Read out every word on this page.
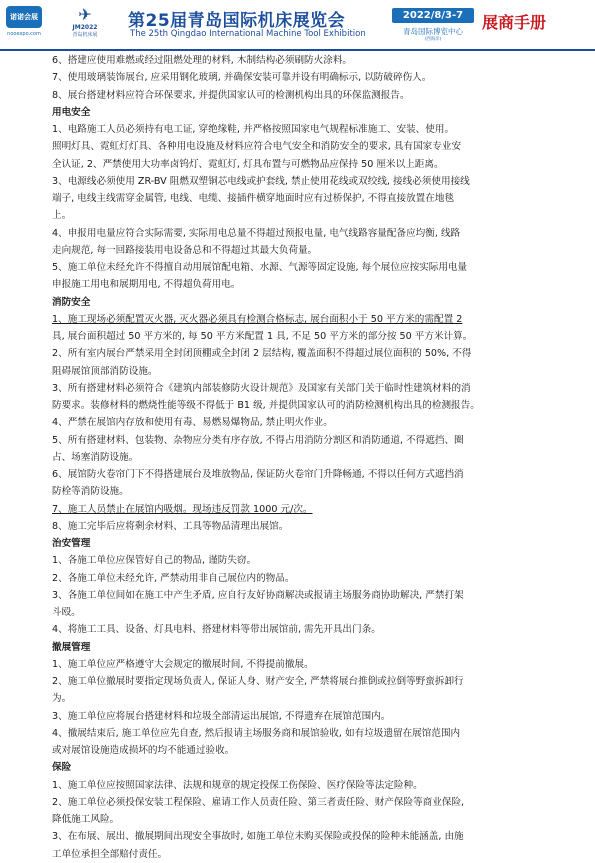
诺诺会展
nooexpo.com
✈
JM2022
青岛机床展
第25届青岛国际机床展览会
The 25th Qingdao International Machine Tool Exhibition
2022/8/3-7
青岛国际博览中心
(西海岸)
展商手册

6、搭建应使用难燃或经过阻燃处理的材料, 木制结构必须刷防火涂料。

7、使用玻璃装饰展台, 应采用钢化玻璃, 并确保安装可靠并设有明确标示, 以防破碎伤人。

8、展台搭建材料应符合环保要求, 并提供国家认可的检测机构出具的环保监测报告。

用电安全

1、电路施工人员必须持有电工证, 穿绝缘鞋, 并严格按照国家电气规程标准施工、安装、使用。

照明灯具、霓虹灯灯具、各种用电设施及材料应符合电气安全和消防安全的要求, 具有国家专业安

全认证, 2、严禁使用大功率卤钨灯、霓虹灯, 灯具布置与可燃物品应保持 50 厘米以上距离。

3、电源线必须使用 ZR-BV 阻燃双塑铜芯电线或护套线, 禁止使用花线或双绞线, 接线必须使用接线

端子, 电线主线需穿金属管, 电线、电缆、接插件横穿地面时应有过桥保护, 不得直接放置在地毯

上。

4、申报用电量应符合实际需要, 实际用电总量不得超过预报电量, 电气线路容量配备应均衡, 线路

走向规范, 每一回路接装用电设备总和不得超过其最大负荷量。

5、施工单位未经允许不得擅自动用展馆配电箱、水源、气源等固定设施, 每个展位应按实际用电量

申报施工用电和展期用电, 不得超负荷用电。

消防安全

1、施工现场必须配置灭火器, 灭火器必须具有检测合格标志, 展台面积小于 50 平方米的需配置 2

具, 展台面积超过 50 平方米的, 每 50 平方米配置 1 具, 不足 50 平方米的部分按 50 平方米计算。

2、所有室内展台严禁采用全封闭顶棚或全封闭 2 层结构, 覆盖面积不得超过展位面积的 50%, 不得

阻碍展馆顶部消防设施。

3、所有搭建材料必须符合《建筑内部装修防火设计规范》及国家有关部门关于临时性建筑材料的消

防要求。装修材料的燃烧性能等级不得低于 B1 级, 并提供国家认可的消防检测机构出具的检测报告。

4、严禁在展馆内存放和使用有毒、易燃易爆物品, 禁止明火作业。

5、所有搭建材料、包装物、杂物应分类有序存放, 不得占用消防分割区和消防通道, 不得遮挡、圈

占、场塞消防设施。

6、展馆防火卷帘门下不得搭建展台及堆放物品, 保证防火卷帘门升降畅通, 不得以任何方式遮挡消

防栓等消防设施。

7、施工人员禁止在展馆内吸烟。现场违反罚款 1000 元/次。

8、施工完毕后应将剩余材料、工具等物品清理出展馆。

治安管理

1、各施工单位应保管好自己的物品, 谨防失窃。

2、各施工单位未经允许, 严禁动用非自己展位内的物品。

3、各施工单位间如在施工中产生矛盾, 应自行友好协商解决或报请主场服务商协助解决, 严禁打架

斗殴。

4、将施工工具、设备、灯具电料、搭建材料等带出展馆前, 需先开具出门条。

撤展管理

1、施工单位应严格遵守大会规定的撤展时间, 不得提前撤展。

2、施工单位撤展时要指定现场负责人, 保证人身、财产安全, 严禁将展台推倒或拉倒等野蛮拆卸行

为。

3、施工单位应将展台搭建材料和垃圾全部清运出展馆, 不得遗弃在展馆范围内。

4、撤展结束后, 施工单位应先自查, 然后报请主场服务商和展馆验收, 如有垃圾遗留在展馆范围内

或对展馆设施造成损坏的均不能通过验收。

保险

1、施工单位应按照国家法律、法规和规章的规定投保工伤保险、医疗保险等法定险种。

2、施工单位必须投保安装工程保险、雇请工作人员责任险、第三者责任险、财产保险等商业保险,

降低施工风险。

3、在布展、展出、撤展期间出现安全事故时, 如施工单位未购买保险或投保的险种未能涵盖, 由施

工单位承担全部赔付责任。
